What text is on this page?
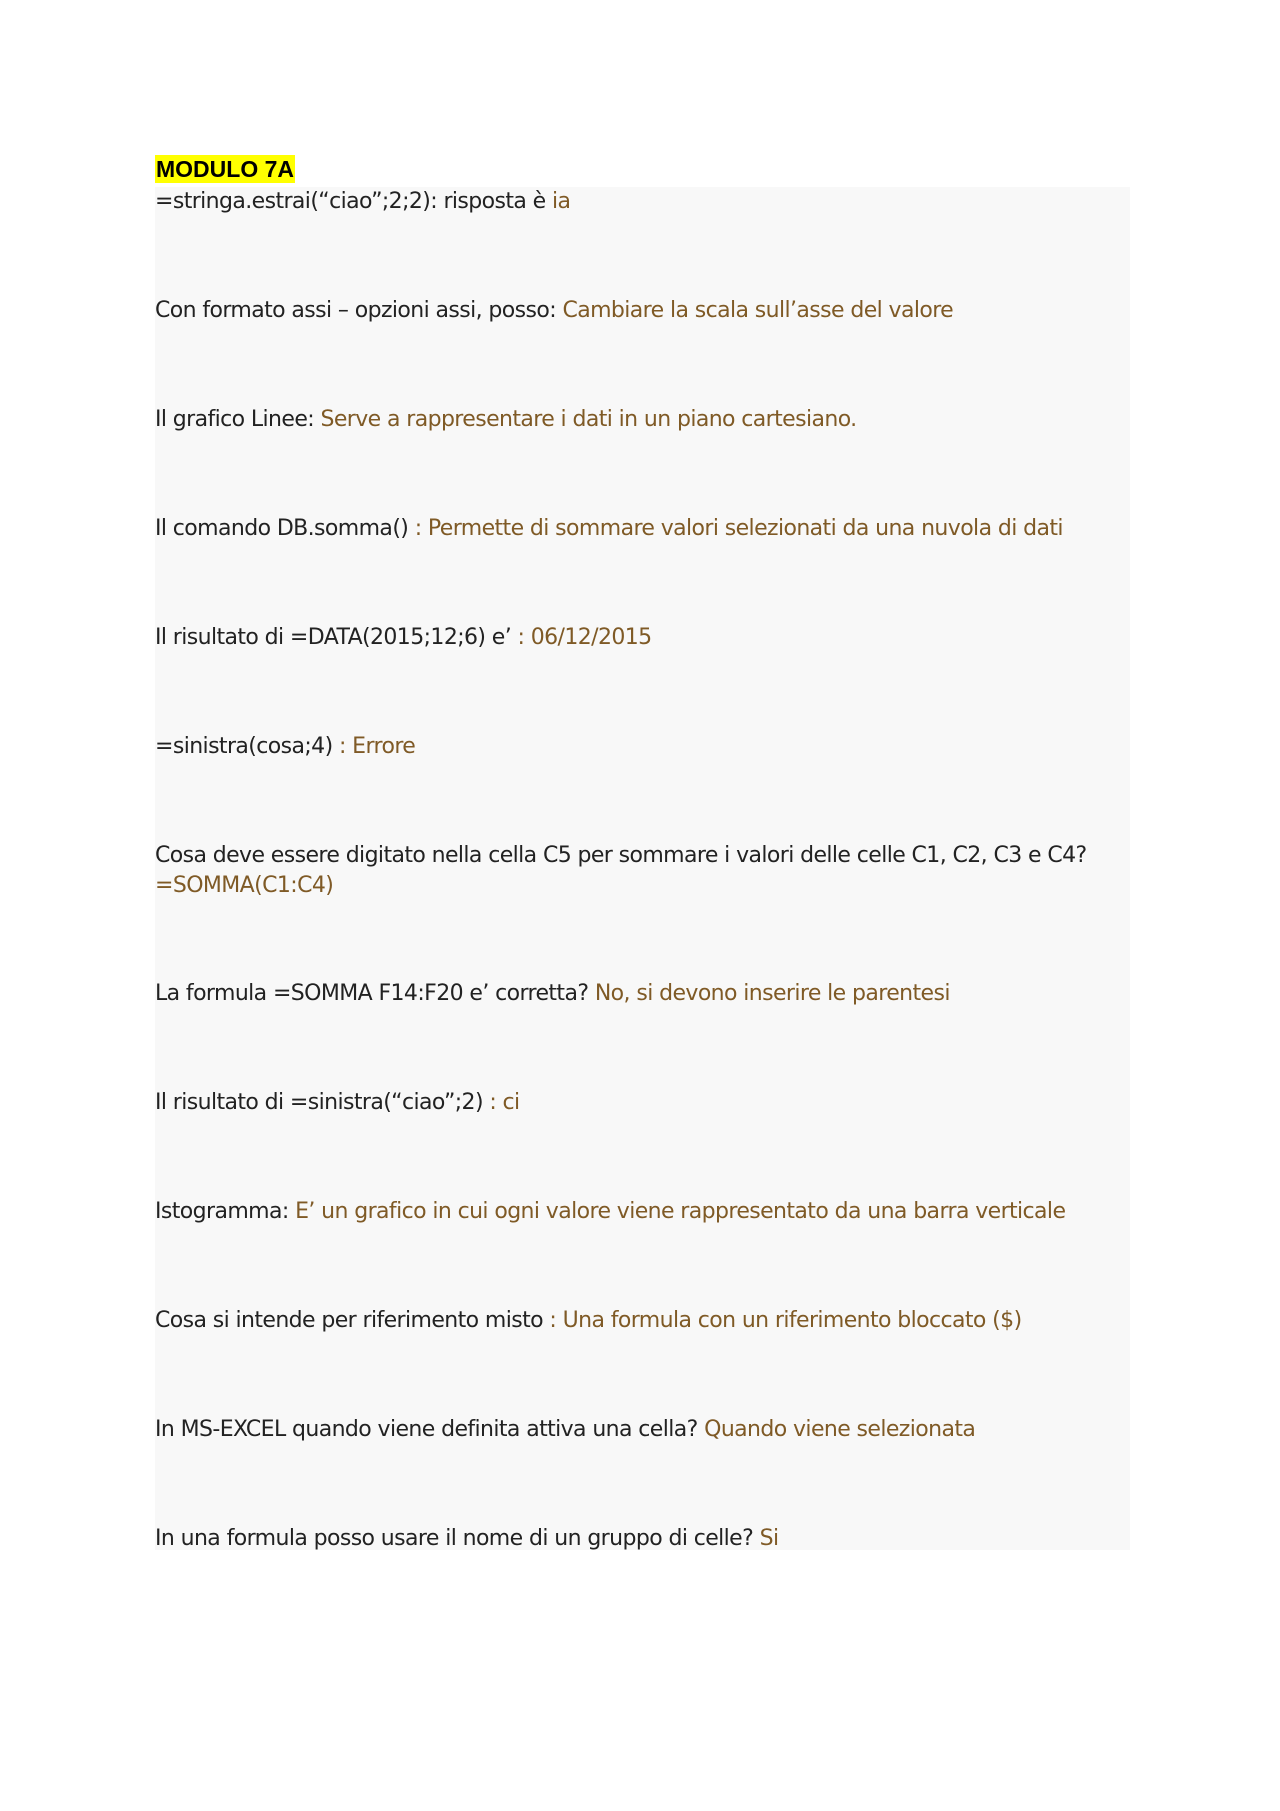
MODULO 7A
=stringa.estrai(“ciao”;2;2): risposta è ia
Con formato assi – opzioni assi, posso: Cambiare la scala sull’asse del valore
Il grafico Linee: Serve a rappresentare i dati in un piano cartesiano.
Il comando DB.somma() : Permette di sommare valori selezionati da una nuvola di dati
Il risultato di =DATA(2015;12;6) e’ : 06/12/2015
=sinistra(cosa;4) : Errore
Cosa deve essere digitato nella cella C5 per sommare i valori delle celle C1, C2, C3 e C4? =SOMMA(C1:C4)
La formula =SOMMA F14:F20 e’ corretta? No, si devono inserire le parentesi
Il risultato di =sinistra(“ciao”;2) : ci
Istogramma: E’ un grafico in cui ogni valore viene rappresentato da una barra verticale
Cosa si intende per riferimento misto : Una formula con un riferimento bloccato ($)
In MS-EXCEL quando viene definita attiva una cella? Quando viene selezionata
In una formula posso usare il nome di un gruppo di celle? Si
